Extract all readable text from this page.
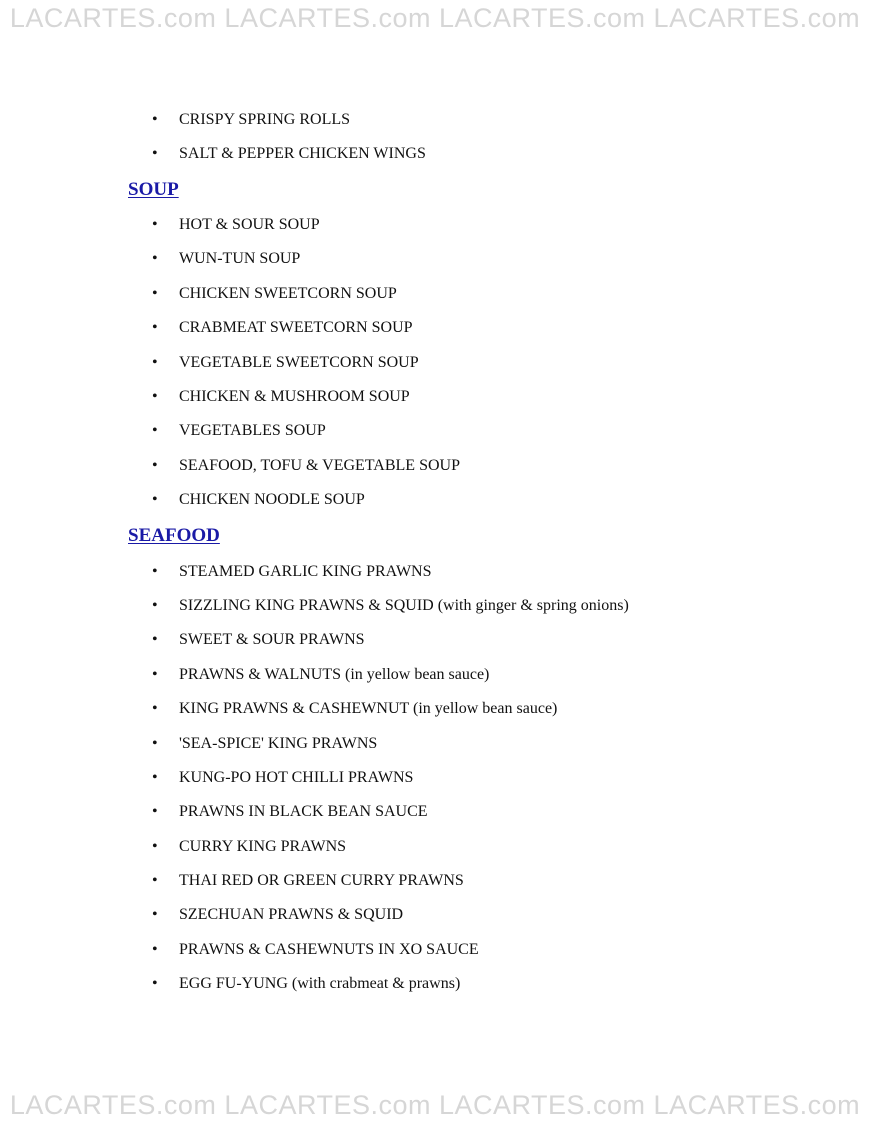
LACARTES.com LACARTES.com LACARTES.com LACARTES.com
• CRISPY SPRING ROLLS
• SALT & PEPPER CHICKEN WINGS
SOUP
• HOT & SOUR SOUP
• WUN-TUN SOUP
• CHICKEN SWEETCORN SOUP
• CRABMEAT SWEETCORN SOUP
• VEGETABLE SWEETCORN SOUP
• CHICKEN & MUSHROOM SOUP
• VEGETABLES SOUP
• SEAFOOD, TOFU & VEGETABLE SOUP
• CHICKEN NOODLE SOUP
SEAFOOD
• STEAMED GARLIC KING PRAWNS
• SIZZLING KING PRAWNS & SQUID (with ginger & spring onions)
• SWEET & SOUR PRAWNS
• PRAWNS & WALNUTS (in yellow bean sauce)
• KING PRAWNS & CASHEWNUT (in yellow bean sauce)
• 'SEA-SPICE' KING PRAWNS
• KUNG-PO HOT CHILLI PRAWNS
• PRAWNS IN BLACK BEAN SAUCE
• CURRY KING PRAWNS
• THAI RED OR GREEN CURRY PRAWNS
• SZECHUAN PRAWNS & SQUID
• PRAWNS & CASHEWNUTS IN XO SAUCE
• EGG FU-YUNG (with crabmeat & prawns)
LACARTES.com LACARTES.com LACARTES.com LACARTES.com
